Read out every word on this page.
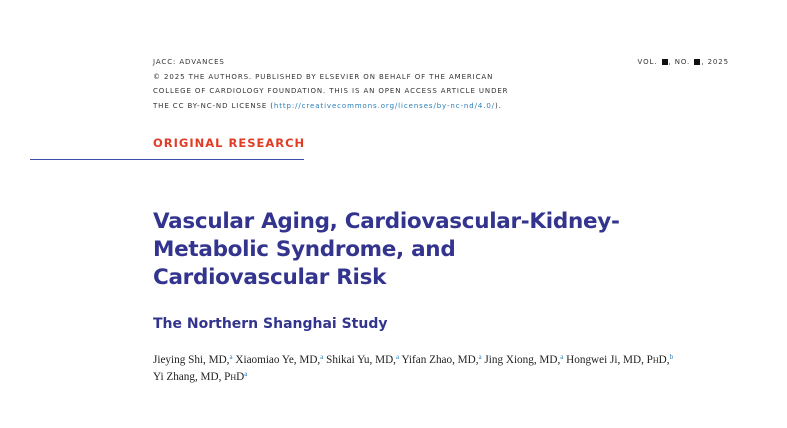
JACC: ADVANCES
© 2025 THE AUTHORS. PUBLISHED BY ELSEVIER ON BEHALF OF THE AMERICAN
COLLEGE OF CARDIOLOGY FOUNDATION. THIS IS AN OPEN ACCESS ARTICLE UNDER
THE CC BY-NC-ND LICENSE (http://creativecommons.org/licenses/by-nc-nd/4.0/).
VOL. , NO. , 2025
ORIGINAL RESEARCH
Vascular Aging, Cardiovascular-Kidney-
Metabolic Syndrome, and
Cardiovascular Risk
The Northern Shanghai Study
Jieying Shi, MD,$^a$ Xiaomiao Ye, MD,$^a$ Shikai Yu, MD,$^a$ Yifan Zhao, MD,$^a$ Jing Xiong, MD,$^a$ Hongwei Ji, MD, PhD,$^b$
Yi Zhang, MD, PhD$^a$
